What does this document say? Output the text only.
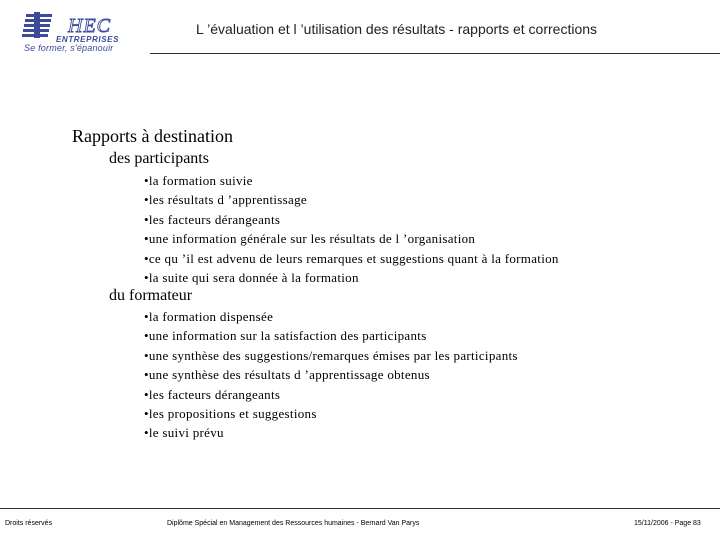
HEC
ENTREPRISES
Se former, s'épanouir
L ’évaluation et l ’utilisation des résultats - rapports et corrections
Rapports à destination
des participants
• la formation suivie
• les résultats d ’apprentissage
• les facteurs dérangeants
• une information générale sur les résultats de l ’organisation
• ce qu ’il est advenu de leurs remarques et suggestions quant à la formation
• la suite qui sera donnée à la formation
du formateur
• la formation dispensée
• une information sur la satisfaction des participants
• une synthèse des suggestions/remarques émises par les participants
• une synthèse des résultats d ’apprentissage obtenus
• les facteurs dérangeants
• les propositions et suggestions
• le suivi prévu
Droits réservés	Diplôme Spécial en Management des Ressources humaines - Bernard Van Parys	15/11/2006 - Page 83
